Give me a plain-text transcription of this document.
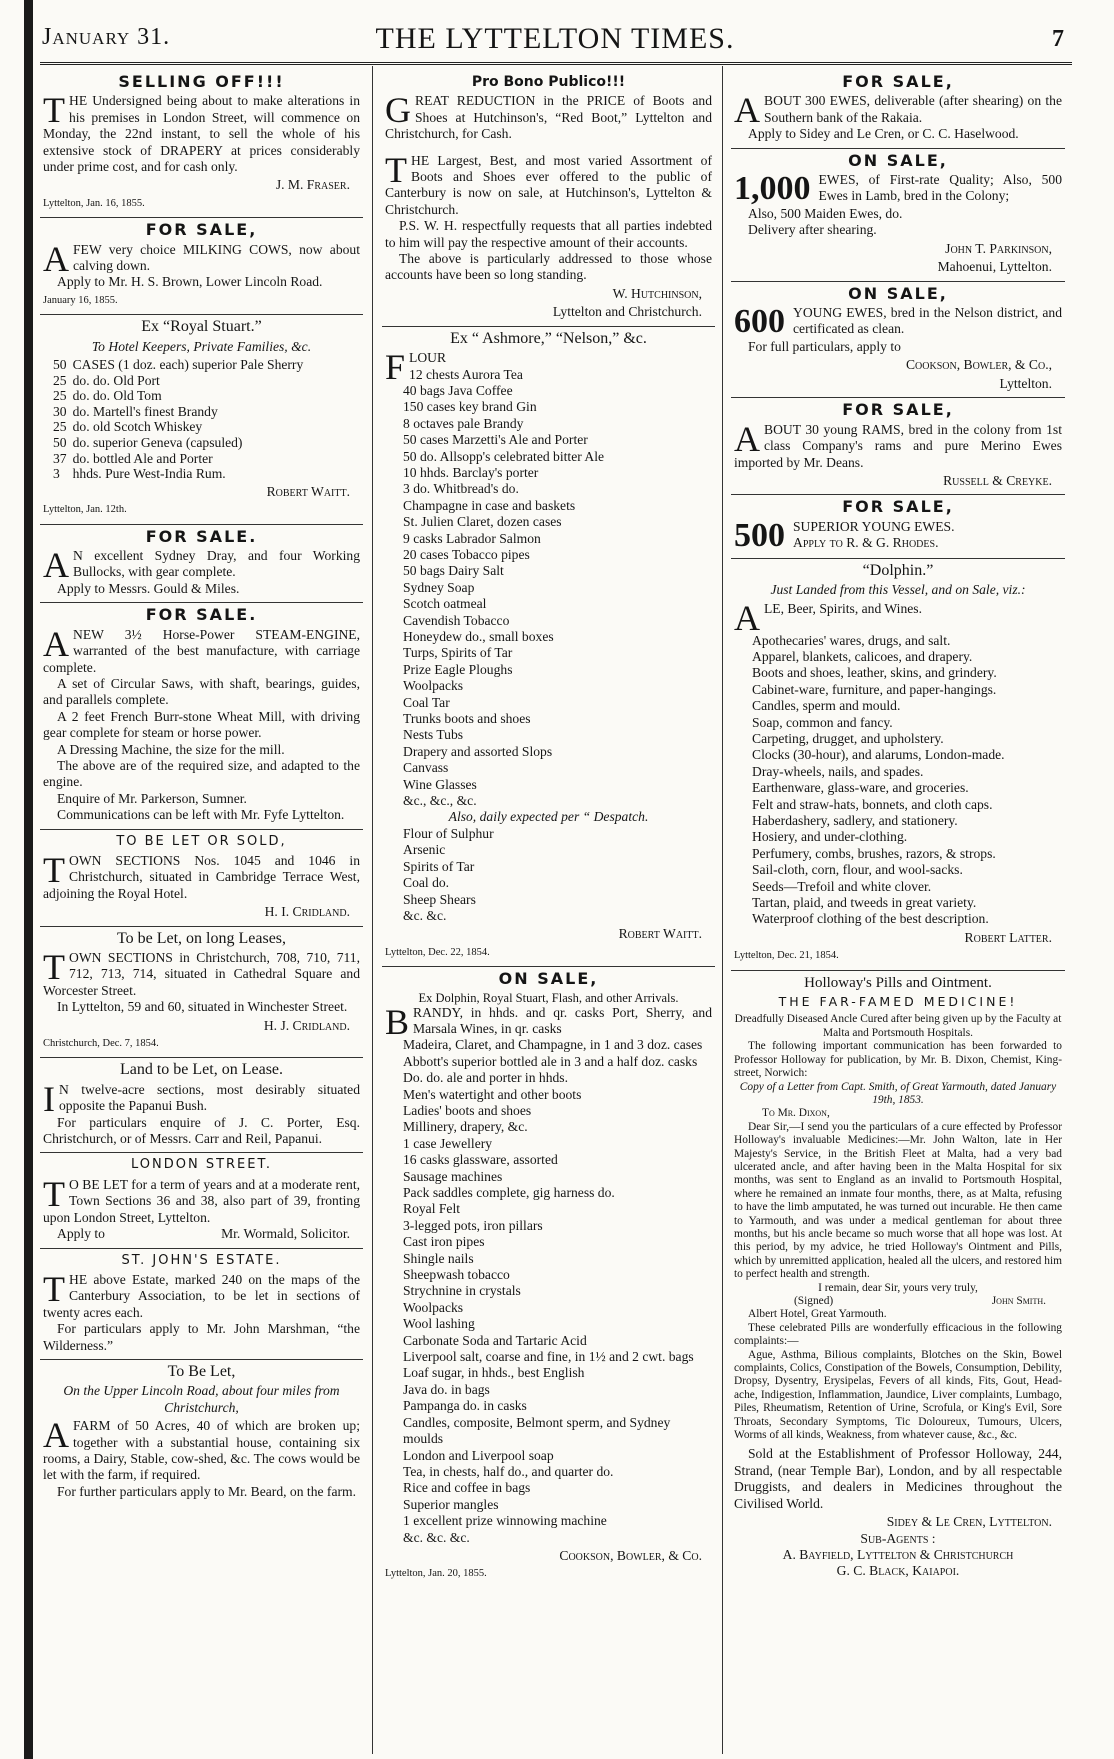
January 31.	THE LYTTELTON TIMES.	7
SELLING OFF!!!
T HE Undersigned being about to make alterations in his premises in London Street, will commence on Monday, the 22nd instant, to sell the whole of his extensive stock of DRAPERY at prices considerably under prime cost, and for cash only.

J. M. Fraser.

Lyttelton, Jan. 16, 1855.

FOR SALE,
A FEW very choice MILKING COWS, now about calving down.

Apply to Mr. H. S. Brown, Lower Lincoln Road.

January 16, 1855.

Ex “Royal Stuart.”
To Hotel Keepers, Private Families, &c.
50	CASES (1 doz. each) superior Pale Sherry
25	do. do. Old Port
25	do. do. Old Tom
30	do. Martell's finest Brandy
25	do. old Scotch Whiskey
50	do. superior Geneva (capsuled)
37	do. bottled Ale and Porter
3	hhds. Pure West-India Rum.

Robert Waitt.

Lyttelton, Jan. 12th.

FOR SALE.
A N excellent Sydney Dray, and four Working Bullocks, with gear complete.

Apply to Messrs. Gould & Miles.

FOR SALE.
A NEW 3½ Horse-Power STEAM-ENGINE, warranted of the best manufacture, with carriage complete.

A set of Circular Saws, with shaft, bearings, guides, and parallels complete.

A 2 feet French Burr-stone Wheat Mill, with driving gear complete for steam or horse power.

A Dressing Machine, the size for the mill.

The above are of the required size, and adapted to the engine.

Enquire of Mr. Parkerson, Sumner.

Communications can be left with Mr. Fyfe Lyttelton.

TO BE LET OR SOLD,
T OWN SECTIONS Nos. 1045 and 1046 in Christchurch, situated in Cambridge Terrace West, adjoining the Royal Hotel.

H. I. Cridland.

To be Let, on long Leases,
T OWN SECTIONS in Christchurch, 708, 710, 711, 712, 713, 714, situated in Cathedral Square and Worcester Street.

In Lyttelton, 59 and 60, situated in Winchester Street.

H. J. Cridland.

Christchurch, Dec. 7, 1854.

Land to be Let, on Lease.
I N twelve-acre sections, most desirably situated opposite the Papanui Bush.

For particulars enquire of J. C. Porter, Esq. Christchurch, or of Messrs. Carr and Reil, Papanui.

LONDON STREET.
T O BE LET for a term of years and at a moderate rent, Town Sections 36 and 38, also part of 39, fronting upon London Street, Lyttelton.

Apply to	Mr. Wormald, Solicitor.

ST. JOHN'S ESTATE.
T HE above Estate, marked 240 on the maps of the Canterbury Association, to be let in sections of twenty acres each.

For particulars apply to Mr. John Marshman, “the Wilderness.”

To Be Let,
On the Upper Lincoln Road, about four miles from Christchurch,
A FARM of 50 Acres, 40 of which are broken up; together with a substantial house, containing six rooms, a Dairy, Stable, cow-shed, &c. The cows would be let with the farm, if required.

For further particulars apply to Mr. Beard, on the farm.

Pro Bono Publico!!!
G REAT REDUCTION in the PRICE of Boots and Shoes at Hutchinson's, “Red Boot,” Lyttelton and Christchurch, for Cash.

T HE Largest, Best, and most varied Assortment of Boots and Shoes ever offered to the public of Canterbury is now on sale, at Hutchinson's, Lyttelton & Christchurch.

P.S. W. H. respectfully requests that all parties indebted to him will pay the respective amount of their accounts.

The above is particularly addressed to those whose accounts have been so long standing.

W. Hutchinson,

Lyttelton and Christchurch.

Ex “ Ashmore,” “Nelson,” &c.
F LOUR

12 chests Aurora Tea

40 bags Java Coffee

150 cases key brand Gin

8 octaves pale Brandy

50 cases Marzetti's Ale and Porter

50 do. Allsopp's celebrated bitter Ale

10 hhds. Barclay's porter

3 do. Whitbread's do.

Champagne in case and baskets

St. Julien Claret, dozen cases

9 casks Labrador Salmon

20 cases Tobacco pipes

50 bags Dairy Salt

Sydney Soap

Scotch oatmeal

Cavendish Tobacco

Honeydew do., small boxes

Turps, Spirits of Tar

Prize Eagle Ploughs

Woolpacks

Coal Tar

Trunks boots and shoes

Nests Tubs

Drapery and assorted Slops

Canvass

Wine Glasses

&c., &c., &c.

Also, daily expected per “ Despatch.

Flour of Sulphur

Arsenic

Spirits of Tar

Coal do.

Sheep Shears

&c. &c.

Robert Waitt.

Lyttelton, Dec. 22, 1854.

ON SALE,
Ex Dolphin, Royal Stuart, Flash, and other Arrivals.
B RANDY, in hhds. and qr. casks Port, Sherry, and Marsala Wines, in qr. casks

Madeira, Claret, and Champagne, in 1 and 3 doz. cases

Abbott's superior bottled ale in 3 and a half doz. casks

Do. do. ale and porter in hhds.

Men's watertight and other boots

Ladies' boots and shoes

Millinery, drapery, &c.

1 case Jewellery

16 casks glassware, assorted

Sausage machines

Pack saddles complete, gig harness do.

Royal Felt

3-legged pots, iron pillars

Cast iron pipes

Shingle nails

Sheepwash tobacco

Strychnine in crystals

Woolpacks

Wool lashing

Carbonate Soda and Tartaric Acid

Liverpool salt, coarse and fine, in 1½ and 2 cwt. bags

Loaf sugar, in hhds., best English

Java do. in bags

Pampanga do. in casks

Candles, composite, Belmont sperm, and Sydney moulds

London and Liverpool soap

Tea, in chests, half do., and quarter do.

Rice and coffee in bags

Superior mangles

1 excellent prize winnowing machine

&c. &c. &c.

Cookson, Bowler, & Co.

Lyttelton, Jan. 20, 1855.

FOR SALE,
A BOUT 300 EWES, deliverable (after shearing) on the Southern bank of the Rakaia.

Apply to Sidey and Le Cren, or C. C. Haselwood.

ON SALE,
1,000 EWES, of First-rate Quality; Also, 500 Ewes in Lamb, bred in the Colony;

Also, 500 Maiden Ewes, do.

Delivery after shearing.

John T. Parkinson,

Mahoenui, Lyttelton.

ON SALE,
600 YOUNG EWES, bred in the Nelson district, and certificated as clean.

For full particulars, apply to

Cookson, Bowler, & Co.,

Lyttelton.

FOR SALE,
A BOUT 30 young RAMS, bred in the colony from 1st class Company's rams and pure Merino Ewes imported by Mr. Deans.

Russell & Creyke.

FOR SALE,
500 SUPERIOR YOUNG EWES.

Apply to R. & G. Rhodes.

“Dolphin.”
Just Landed from this Vessel, and on Sale, viz.:
A LE, Beer, Spirits, and Wines.

Apothecaries' wares, drugs, and salt.

Apparel, blankets, calicoes, and drapery.

Boots and shoes, leather, skins, and grindery.

Cabinet-ware, furniture, and paper-hangings.

Candles, sperm and mould.

Soap, common and fancy.

Carpeting, drugget, and upholstery.

Clocks (30-hour), and alarums, London-made.

Dray-wheels, nails, and spades.

Earthenware, glass-ware, and groceries.

Felt and straw-hats, bonnets, and cloth caps.

Haberdashery, sadlery, and stationery.

Hosiery, and under-clothing.

Perfumery, combs, brushes, razors, & strops.

Sail-cloth, corn, flour, and wool-sacks.

Seeds—Trefoil and white clover.

Tartan, plaid, and tweeds in great variety.

Waterproof clothing of the best description.

Robert Latter.

Lyttelton, Dec. 21, 1854.

Holloway's Pills and Ointment.
THE FAR-FAMED MEDICINE!

Dreadfully Diseased Ancle Cured after being given up by the Faculty at Malta and Portsmouth Hospitals.

The following important communication has been forwarded to Professor Holloway for publication, by Mr. B. Dixon, Chemist, King-street, Norwich:

Copy of a Letter from Capt. Smith, of Great Yarmouth, dated January 19th, 1853.

To Mr. Dixon,

Dear Sir,—I send you the particulars of a cure effected by Professor Holloway's invaluable Medicines:—Mr. John Walton, late in Her Majesty's Service, in the British Fleet at Malta, had a very bad ulcerated ancle, and after having been in the Malta Hospital for six months, was sent to England as an invalid to Portsmouth Hospital, where he remained an inmate four months, there, as at Malta, refusing to have the limb amputated, he was turned out incurable. He then came to Yarmouth, and was under a medical gentleman for about three months, but his ancle became so much worse that all hope was lost. At this period, by my advice, he tried Holloway's Ointment and Pills, which by unremitted application, healed all the ulcers, and restored him to perfect health and strength.

I remain, dear Sir, yours very truly,

(Signed)	John Smith.

Albert Hotel, Great Yarmouth.

These celebrated Pills are wonderfully efficacious in the following complaints:—

Ague, Asthma, Bilious complaints, Blotches on the Skin, Bowel complaints, Colics, Constipation of the Bowels, Consumption, Debility, Dropsy, Dysentry, Erysipelas, Fevers of all kinds, Fits, Gout, Head-ache, Indigestion, Inflammation, Jaundice, Liver complaints, Lumbago, Piles, Rheumatism, Retention of Urine, Scrofula, or King's Evil, Sore Throats, Secondary Symptoms, Tic Doloureux, Tumours, Ulcers, Worms of all kinds, Weakness, from whatever cause, &c., &c.

Sold at the Establishment of Professor Holloway, 244, Strand, (near Temple Bar), London, and by all respectable Druggists, and dealers in Medicines throughout the Civilised World.

Sidey & Le Cren, Lyttelton.

Sub-Agents :

A. Bayfield, Lyttelton & Christchurch

G. C. Black, Kaiapoi.
